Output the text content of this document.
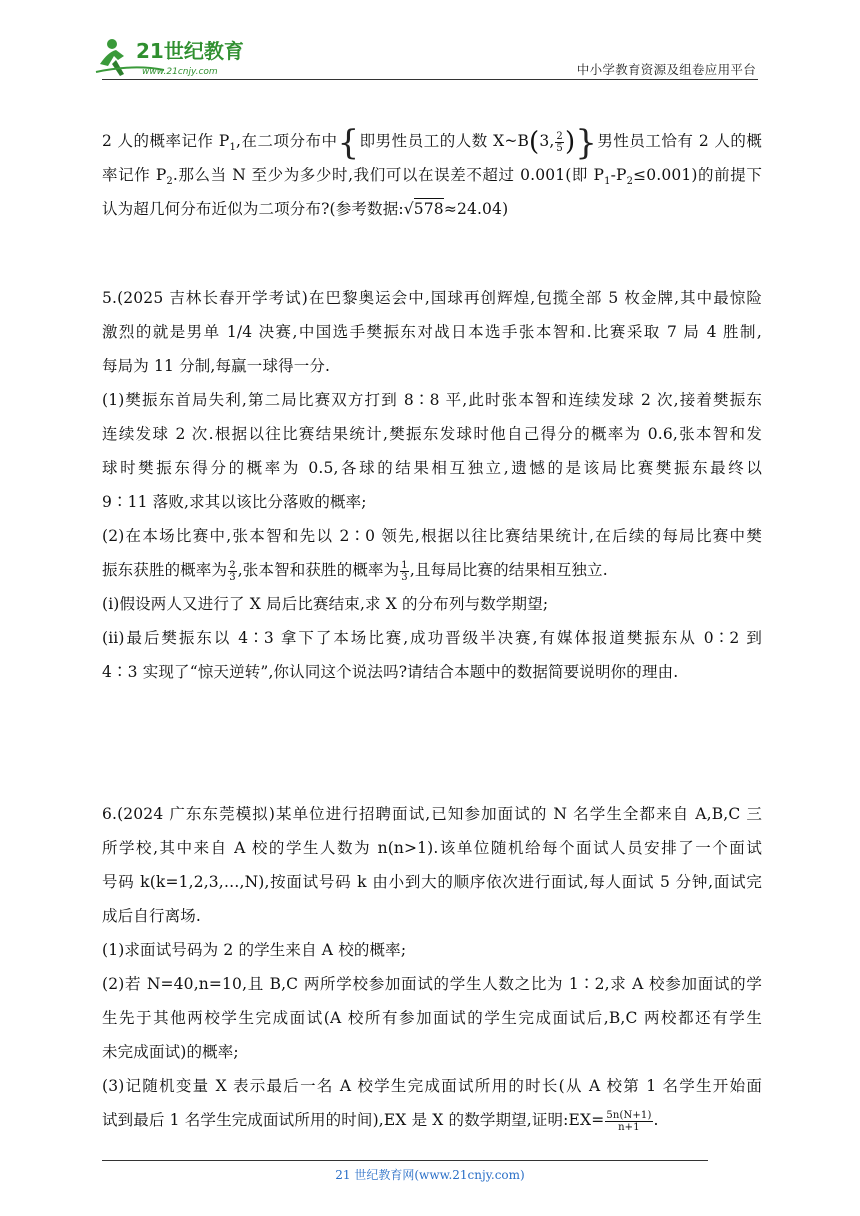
21世纪教育
www.21cnjy.com	中小学教育资源及组卷应用平台
2 人的概率记作 $P_1$,在二项分布中{即男性员工的人数 X~B(3, $\frac{2}{5}$ )}男性员工恰有 2 人的概
率记作 $P_2$.那么当 N 至少为多少时,我们可以在误差不超过 0.001(即 $P_1-P_2\le 0.001$)的前提下
认为超几何分布近似为二项分布?(参考数据:√578≈24.04)
5.(2025 吉林长春开学考试)在巴黎奥运会中,国球再创辉煌,包揽全部 5 枚金牌,其中最惊险
激烈的就是男单 1/4 决赛,中国选手樊振东对战日本选手张本智和.比赛采取 7 局 4 胜制,
每局为 11 分制,每赢一球得一分.
(1)樊振东首局失利,第二局比赛双方打到 8∶8 平,此时张本智和连续发球 2 次,接着樊振东
连续发球 2 次.根据以往比赛结果统计,樊振东发球时他自己得分的概率为 0.6,张本智和发
球时樊振东得分的概率为 0.5,各球的结果相互独立,遗憾的是该局比赛樊振东最终以
9∶11 落败,求其以该比分落败的概率;
(2)在本场比赛中,张本智和先以 2∶0 领先,根据以往比赛结果统计,在后续的每局比赛中樊
振东获胜的概率为 $\frac{2}{3}$ ,张本智和获胜的概率为 $\frac{1}{3}$ ,且每局比赛的结果相互独立.
(i)假设两人又进行了 X 局后比赛结束,求 X 的分布列与数学期望;
(ii)最后樊振东以 4∶3 拿下了本场比赛,成功晋级半决赛,有媒体报道樊振东从 0∶2 到
4∶3 实现了“惊天逆转”,你认同这个说法吗?请结合本题中的数据简要说明你的理由.
6.(2024 广东东莞模拟)某单位进行招聘面试,已知参加面试的 N 名学生全都来自 A,B,C 三
所学校,其中来自 A 校的学生人数为 n(n>1).该单位随机给每个面试人员安排了一个面试
号码 k(k=1,2,3,…,N),按面试号码 k 由小到大的顺序依次进行面试,每人面试 5 分钟,面试完
成后自行离场.
(1)求面试号码为 2 的学生来自 A 校的概率;
(2)若 N=40,n=10,且 B,C 两所学校参加面试的学生人数之比为 1∶2,求 A 校参加面试的学
生先于其他两校学生完成面试(A 校所有参加面试的学生完成面试后,B,C 两校都还有学生
未完成面试)的概率;
(3)记随机变量 X 表示最后一名 A 校学生完成面试所用的时长(从 A 校第 1 名学生开始面
试到最后 1 名学生完成面试所用的时间),EX 是 X 的数学期望,证明:EX= $\frac{5n(N+1)}{n+1}$ .
21 世纪教育网(www.21cnjy.com)
